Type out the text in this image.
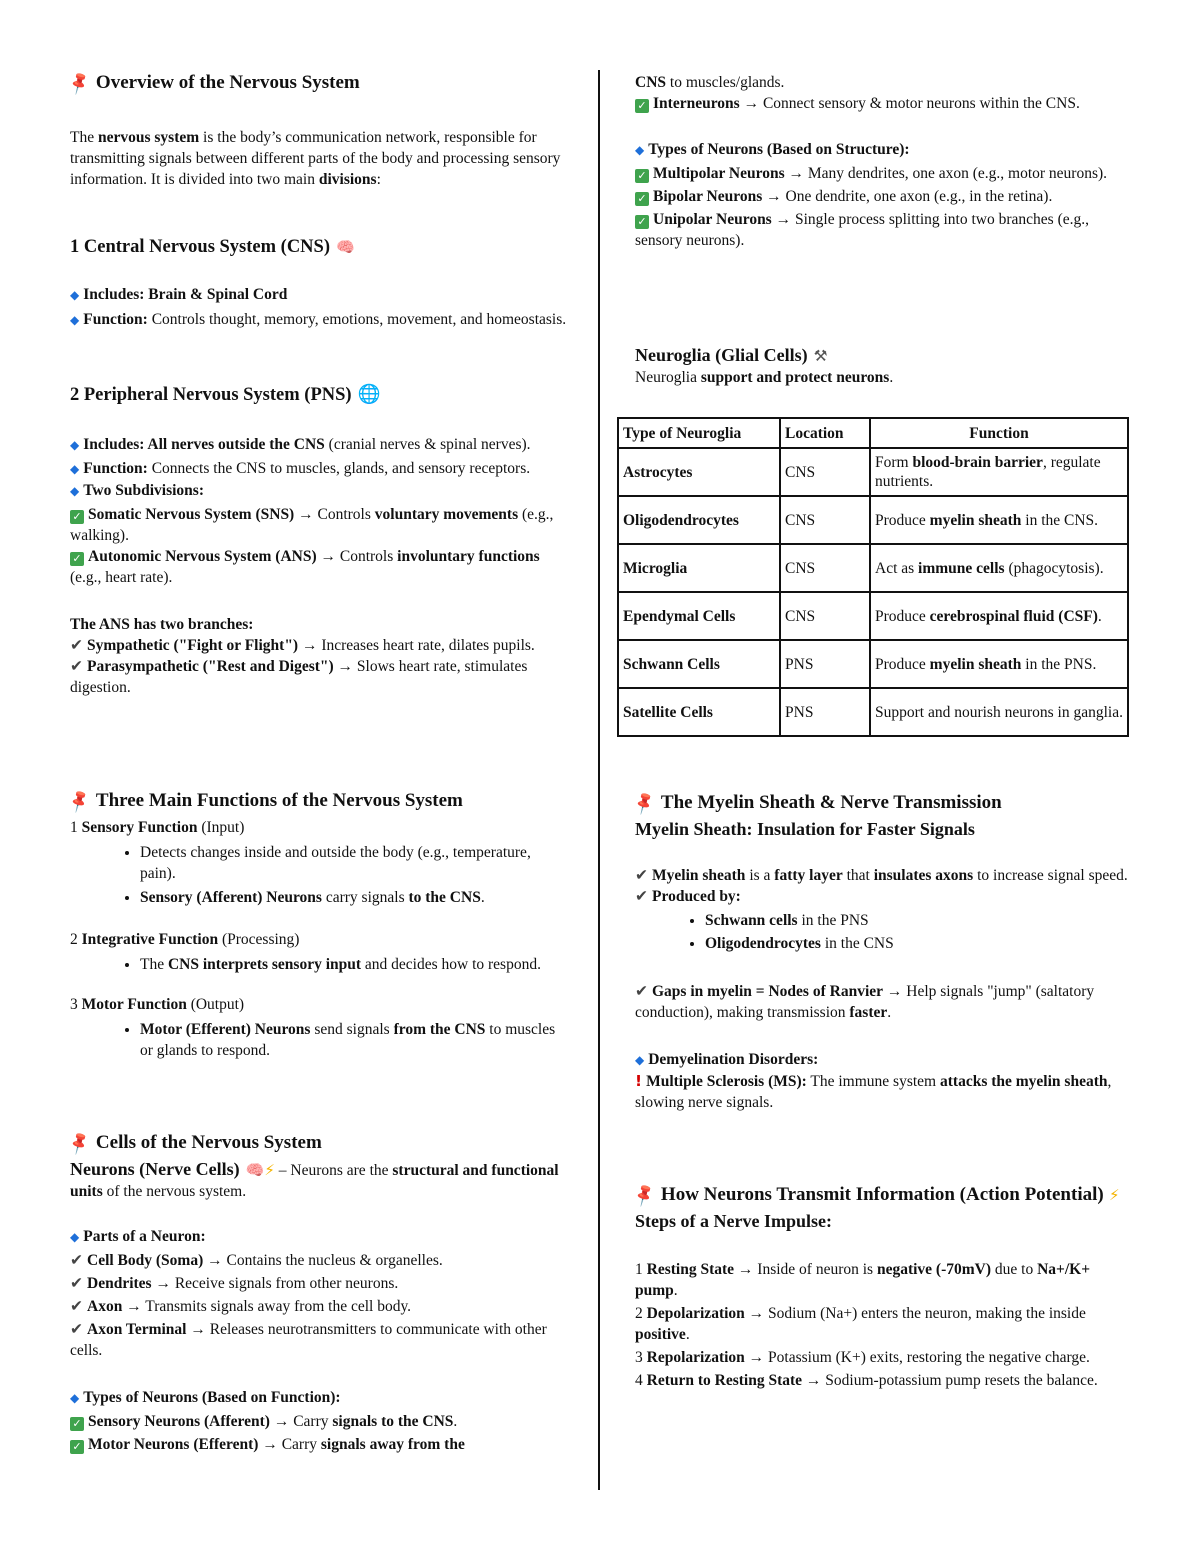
📌 Overview of the Nervous System

The nervous system is the body’s communication network, responsible for transmitting signals between different parts of the body and processing sensory information. It is divided into two main divisions:

1 Central Nervous System (CNS) 🧠

◆ Includes: Brain & Spinal Cord

◆ Function: Controls thought, memory, emotions, movement, and homeostasis.

2 Peripheral Nervous System (PNS) 🌐

◆ Includes: All nerves outside the CNS (cranial nerves & spinal nerves).

◆ Function: Connects the CNS to muscles, glands, and sensory receptors.

◆ Two Subdivisions:

✓ Somatic Nervous System (SNS) → Controls voluntary movements (e.g., walking).

✓ Autonomic Nervous System (ANS) → Controls involuntary functions (e.g., heart rate).

The ANS has two branches:

✔ Sympathetic ("Fight or Flight") → Increases heart rate, dilates pupils.

✔ Parasympathetic ("Rest and Digest") → Slows heart rate, stimulates digestion.

📌 Three Main Functions of the Nervous System

1 Sensory Function (Input)

• Detects changes inside and outside the body (e.g., temperature, pain).
• Sensory (Afferent) Neurons carry signals to the CNS.

2 Integrative Function (Processing)

• The CNS interprets sensory input and decides how to respond.

3 Motor Function (Output)

• Motor (Efferent) Neurons send signals from the CNS to muscles or glands to respond.
📌 Cells of the Nervous System

Neurons (Nerve Cells) 🧠⚡ – Neurons are the structural and functional units of the nervous system.

◆ Parts of a Neuron:

✔ Cell Body (Soma) → Contains the nucleus & organelles.

✔ Dendrites → Receive signals from other neurons.

✔ Axon → Transmits signals away from the cell body.

✔ Axon Terminal → Releases neurotransmitters to communicate with other cells.

◆ Types of Neurons (Based on Function):

✓ Sensory Neurons (Afferent) → Carry signals to the CNS.

✓ Motor Neurons (Efferent) → Carry signals away from the

CNS to muscles/glands.

✓ Interneurons → Connect sensory & motor neurons within the CNS.

◆ Types of Neurons (Based on Structure):

✓ Multipolar Neurons → Many dendrites, one axon (e.g., motor neurons).

✓ Bipolar Neurons → One dendrite, one axon (e.g., in the retina).

✓ Unipolar Neurons → Single process splitting into two branches (e.g., sensory neurons).

Neuroglia (Glial Cells) ⚒

Neuroglia support and protect neurons.

Type of Neuroglia	Location	Function
Astrocytes	CNS	Form blood-brain barrier, regulate nutrients.
Oligodendrocytes	CNS	Produce myelin sheath in the CNS.
Microglia	CNS	Act as immune cells (phagocytosis).
Ependymal Cells	CNS	Produce cerebrospinal fluid (CSF).
Schwann Cells	PNS	Produce myelin sheath in the PNS.
Satellite Cells	PNS	Support and nourish neurons in ganglia.
📌 The Myelin Sheath & Nerve Transmission

Myelin Sheath: Insulation for Faster Signals

✔ Myelin sheath is a fatty layer that insulates axons to increase signal speed.

✔ Produced by:

• Schwann cells in the PNS
• Oligodendrocytes in the CNS

✔ Gaps in myelin = Nodes of Ranvier → Help signals "jump" (saltatory conduction), making transmission faster.

◆ Demyelination Disorders:

! Multiple Sclerosis (MS): The immune system attacks the myelin sheath, slowing nerve signals.

📌 How Neurons Transmit Information (Action Potential) ⚡

Steps of a Nerve Impulse:

1 Resting State → Inside of neuron is negative (-70mV) due to Na+/K+ pump.

2 Depolarization → Sodium (Na+) enters the neuron, making the inside positive.

3 Repolarization → Potassium (K+) exits, restoring the negative charge.

4 Return to Resting State → Sodium-potassium pump resets the balance.
